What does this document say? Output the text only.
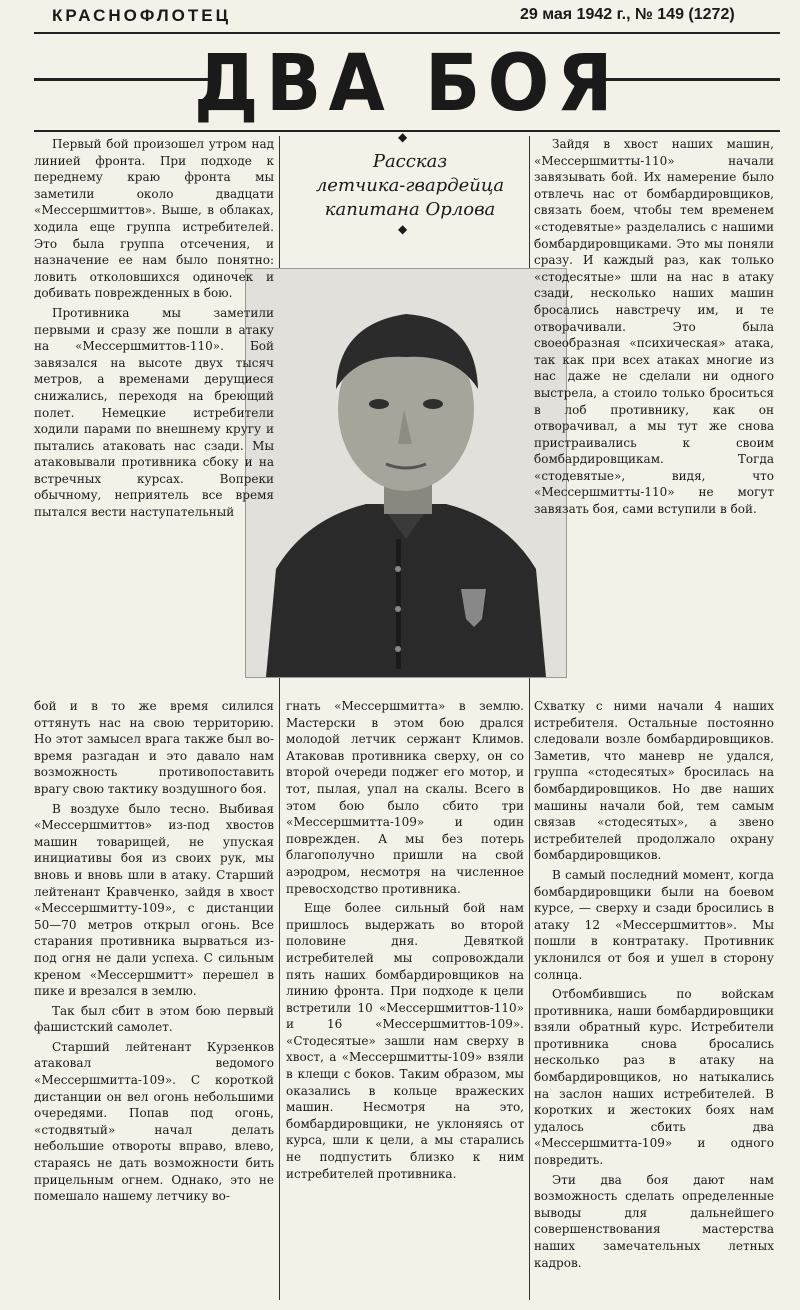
КРАСНОФЛОТЕЦ	29 мая 1942 г., № 149 (1272)
ДВА БОЯ
◆
Рассказ
летчика-гвардейца
капитана Орлова
◆

Первый бой произошел утром над линией фронта. При подходе к переднему краю фронта мы заметили около двадцати «Мессершмиттов». Выше, в облаках, ходила еще группа истребителей. Это была группа отсечения, и назначение ее нам было понятно: ловить отколовшихся одиночек и добивать поврежденных в бою.

Противника мы заметили первыми и сразу же пошли в атаку на «Мессершмиттов-110». Бой завязался на высоте двух тысяч метров, а временами дерущиеся снижались, переходя на бреющий полет. Немецкие истребители ходили парами по внешнему кругу и пытались атаковать нас сзади. Мы атаковывали противника сбоку и на встречных курсах. Вопреки обычному, неприятель все время пытался вести наступательный

бой и в то же время силился оттянуть нас на свою территорию. Но этот замысел врага также был во-время разгадан и это давало нам возможность противопоставить врагу свою тактику воздушного боя.

В воздухе было тесно. Выбивая «Мессершмиттов» из-под хвостов машин товарищей, не упуская инициативы боя из своих рук, мы вновь и вновь шли в атаку. Старший лейтенант Кравченко, зайдя в хвост «Мессершмитту-109», с дистанции 50—70 метров открыл огонь. Все старания противника вырваться из-под огня не дали успеха. С сильным креном «Мессершмитт» перешел в пике и врезался в землю.

Так был сбит в этом бою первый фашистский самолет.

Старший лейтенант Курзенков атаковал ведомого «Мессершмитта-109». С короткой дистанции он вел огонь небольшими очередями. Попав под огонь, «стодвятый» начал делать небольшие отвороты вправо, влево, стараясь не дать возможности бить прицельным огнем. Однако, это не помешало нашему летчику во-

гнать «Мессершмитта» в землю. Мастерски в этом бою дрался молодой летчик сержант Климов. Атаковав противника сверху, он со второй очереди поджег его мотор, и тот, пылая, упал на скалы. Всего в этом бою было сбито три «Мессершмитта-109» и один поврежден. А мы без потерь благополучно пришли на свой аэродром, несмотря на численное превосходство противника.

Еще более сильный бой нам пришлось выдержать во второй половине дня. Девяткой истребителей мы сопровождали пять наших бомбардировщиков на линию фронта. При подходе к цели встретили 10 «Мессершмиттов-110» и 16 «Мессершмиттов-109». «Стодесятые» зашли нам сверху в хвост, а «Мессершмитты-109» взяли в клещи с боков. Таким образом, мы оказались в кольце вражеских машин. Несмотря на это, бомбардировщики, не уклоняясь от курса, шли к цели, а мы старались не подпустить близко к ним истребителей противника.

Зайдя в хвост наших машин, «Мессершмитты-110» начали завязывать бой. Их намерение было отвлечь нас от бомбардировщиков, связать боем, чтобы тем временем «стодевятые» разделались с нашими бомбардировщиками. Это мы поняли сразу. И каждый раз, как только «стодесятые» шли на нас в атаку сзади, несколько наших машин бросались навстречу им, и те отворачивали. Это была своеобразная «психическая» атака, так как при всех атаках многие из нас даже не сделали ни одного выстрела, а стоило только броситься в лоб противнику, как он отворачивал, а мы тут же снова пристраивались к своим бомбардировщикам. Тогда «стодевятые», видя, что «Мессершмитты-110» не могут завязать боя, сами вступили в бой.

Схватку с ними начали 4 наших истребителя. Остальные постоянно следовали возле бомбардировщиков. Заметив, что маневр не удался, группа «стодесятых» бросилась на бомбардировщиков. Но две наших машины начали бой, тем самым связав «стодесятых», а звено истребителей продолжало охрану бомбардировщиков.

В самый последний момент, когда бомбардировщики были на боевом курсе, — сверху и сзади бросились в атаку 12 «Мессершмиттов». Мы пошли в контратаку. Противник уклонился от боя и ушел в сторону солнца.

Отбомбившись по войскам противника, наши бомбардировщики взяли обратный курс. Истребители противника снова бросались несколько раз в атаку на бомбардировщиков, но натыкались на заслон наших истребителей. В коротких и жестоких боях нам удалось сбить два «Мессершмитта-109» и одного повредить.

Эти два боя дают нам возможность сделать определенные выводы для дальнейшего совершенствования мастерства наших замечательных летных кадров.
